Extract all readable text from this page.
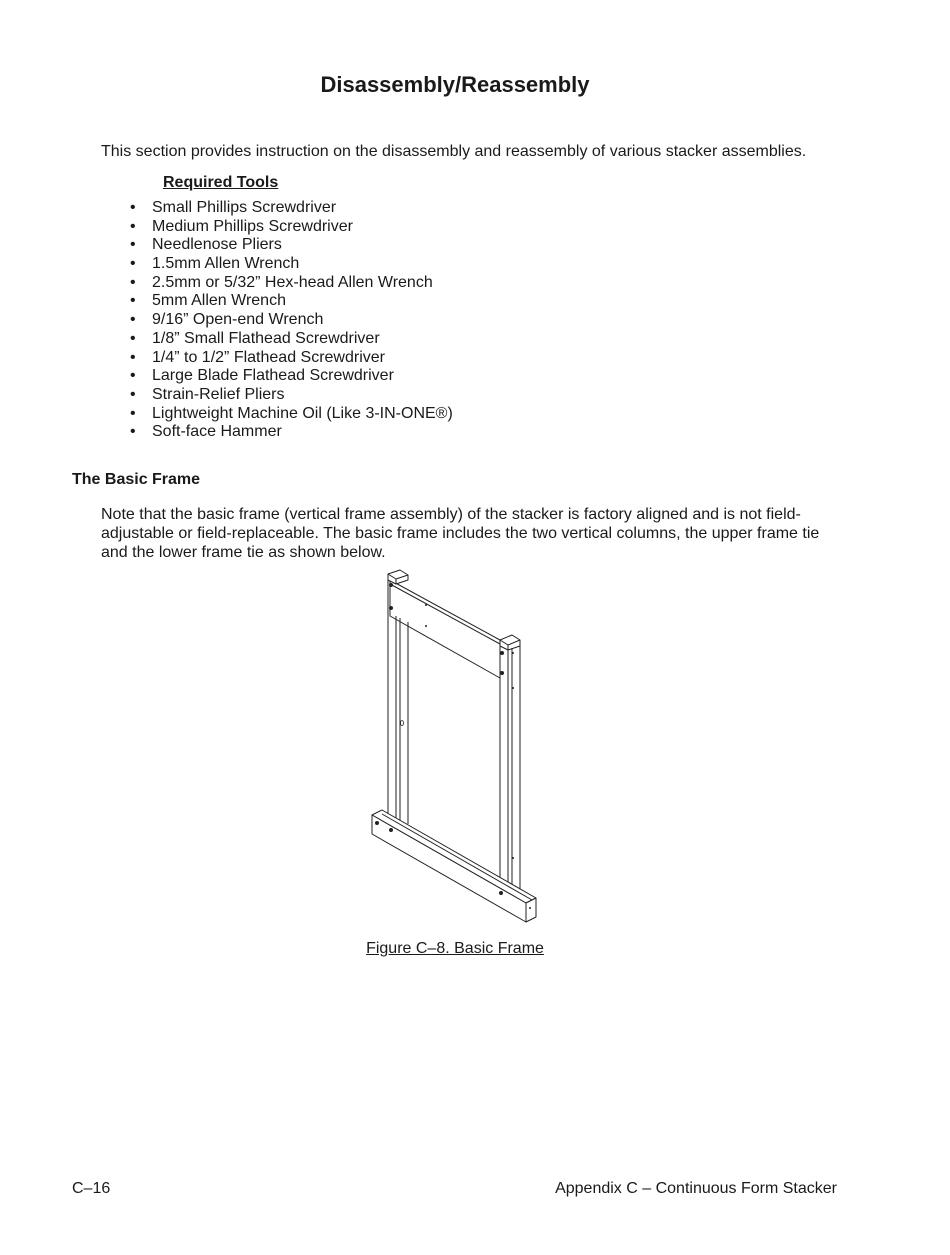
Disassembly/Reassembly

This section provides instruction on the disassembly and reassembly of various stacker assemblies.

Required Tools

• Small Phillips Screwdriver
• Medium Phillips Screwdriver
• Needlenose Pliers
• 1.5mm Allen Wrench
• 2.5mm or 5/32” Hex-head Allen Wrench
• 5mm Allen Wrench
• 9/16” Open-end Wrench
• 1/8” Small Flathead Screwdriver
• 1/4” to 1/2” Flathead Screwdriver
• Large Blade Flathead Screwdriver
• Strain-Relief Pliers
• Lightweight Machine Oil (Like 3-IN-ONE®)
• Soft-face Hammer

The Basic Frame

Note that the basic frame (vertical frame assembly) of the stacker is factory aligned and is not field-adjustable or field-replaceable. The basic frame includes the two vertical columns, the upper frame tie and the lower frame tie as shown below.

Figure C–8. Basic Frame

C–16	Appendix C – Continuous Form Stacker
